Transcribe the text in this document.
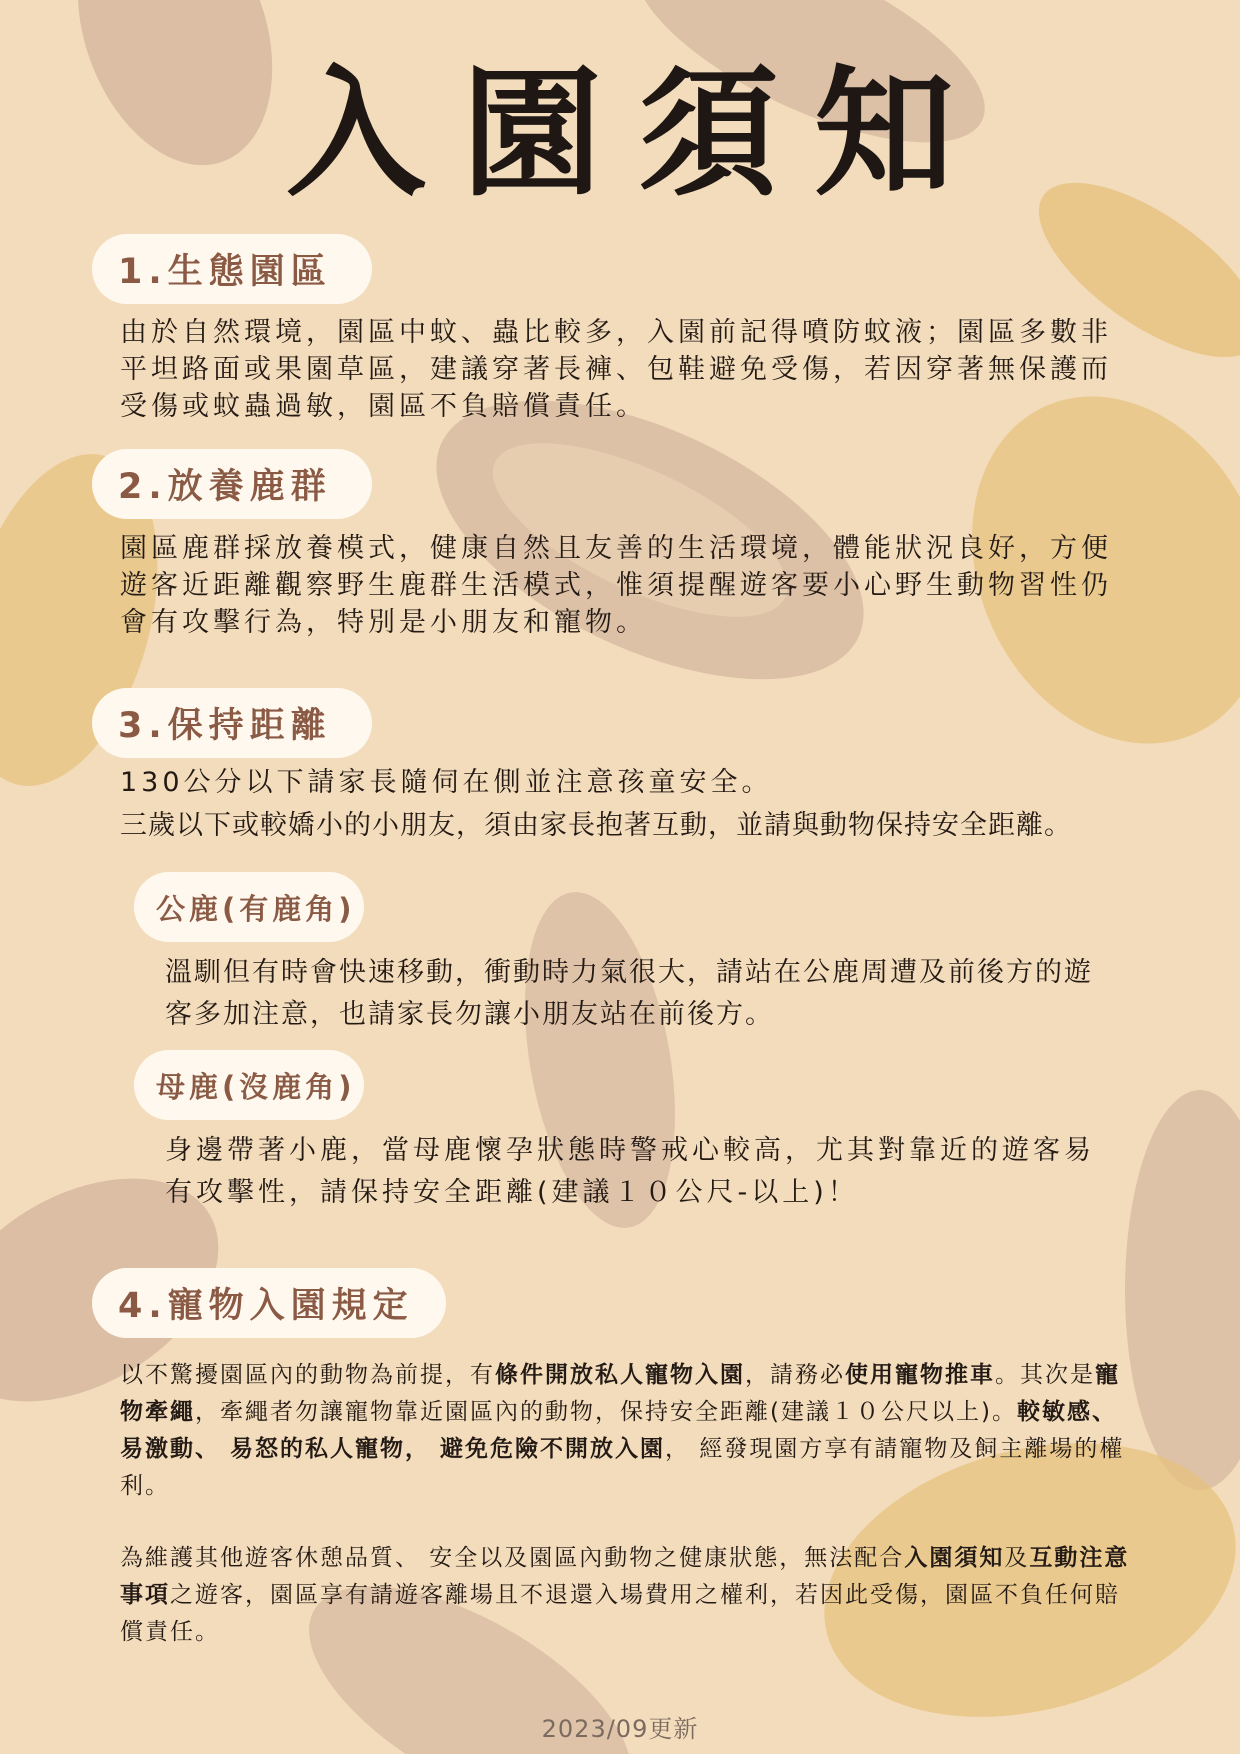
入園須知
1.生態園區

由於自然環境，園區中蚊、蟲比較多，入園前記得噴防蚊液；園區多數非平坦路面或果園草區，建議穿著長褲、包鞋避免受傷，若因穿著無保護而受傷或蚊蟲過敏，園區不負賠償責任。

2.放養鹿群

園區鹿群採放養模式，健康自然且友善的生活環境，體能狀況良好，方便遊客近距離觀察野生鹿群生活模式，惟須提醒遊客要小心野生動物習性仍會有攻擊行為，特別是小朋友和寵物。

3.保持距離

130公分以下請家長隨伺在側並注意孩童安全。

三歲以下或較嬌小的小朋友，須由家長抱著互動，並請與動物保持安全距離。

公鹿(有鹿角)

溫馴但有時會快速移動，衝動時力氣很大，請站在公鹿周遭及前後方的遊客多加注意，也請家長勿讓小朋友站在前後方。

母鹿(沒鹿角)

身邊帶著小鹿，當母鹿懷孕狀態時警戒心較高，尤其對靠近的遊客易有攻擊性，請保持安全距離(建議１０公尺-以上)！

4.寵物入園規定

以不驚擾園區內的動物為前提，有條件開放私人寵物入園，請務必使用寵物推車。其次是寵物牽繩，牽繩者勿讓寵物靠近園區內的動物，保持安全距離(建議１０公尺以上)。較敏感、 易激動、 易怒的私人寵物， 避免危險不開放入園， 經發現園方享有請寵物及飼主離場的權利。

為維護其他遊客休憩品質、 安全以及園區內動物之健康狀態，無法配合入園須知及互動注意事項之遊客，園區享有請遊客離場且不退還入場費用之權利，若因此受傷，園區不負任何賠償責任。

2023/09更新
